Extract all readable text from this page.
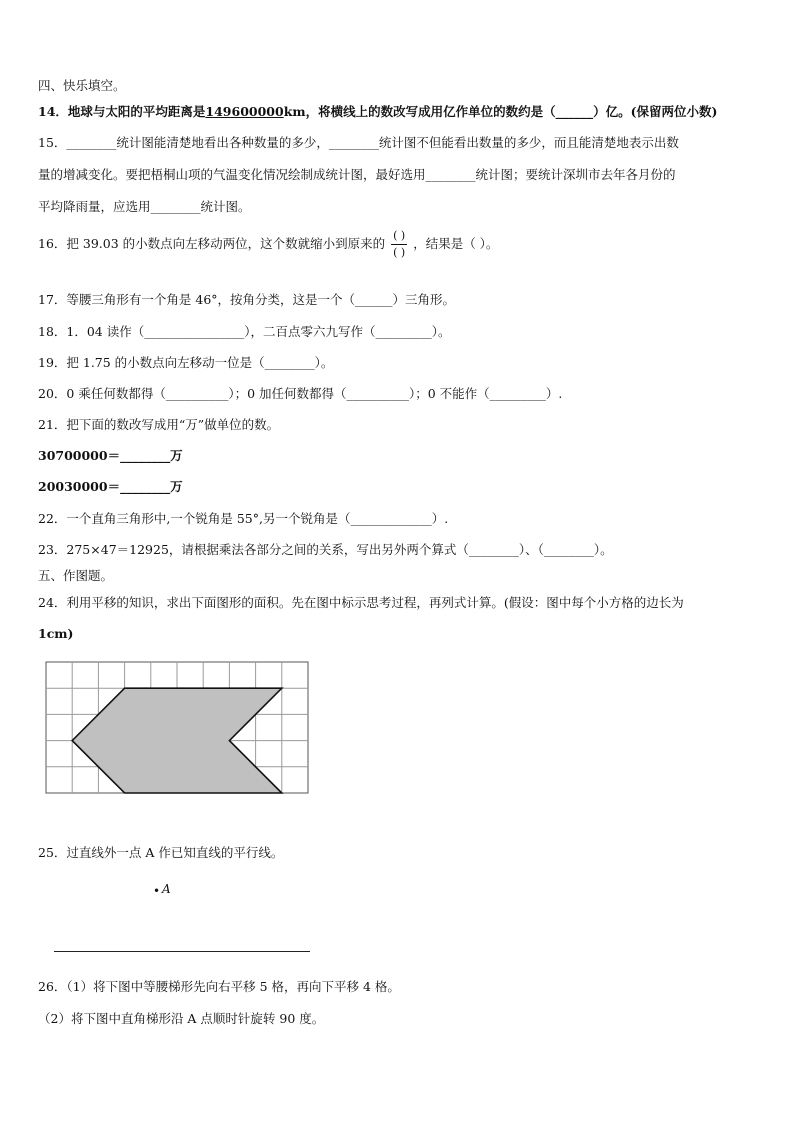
四、快乐填空。
14．地球与太阳的平均距离是149600000km，将横线上的数改写成用亿作单位的数约是（______）亿。(保留两位小数)
15．________统计图能清楚地看出各种数量的多少，________统计图不但能看出数量的多少，而且能清楚地表示出数
量的增减变化。要把梧桐山项的气温变化情况绘制成统计图，最好选用________统计图；要统计深圳市去年各月份的
平均降雨量，应选用________统计图。
16．把 39.03 的小数点向左移动两位，这个数就缩小到原来的 $\frac{( )}{( )}$ ，结果是（ ）。
17．等腰三角形有一个角是 46°，按角分类，这是一个（______）三角形。
18．1．04 读作（________________），二百点零六九写作（_________）。
19．把 1.75 的小数点向左移动一位是（________）。
20．0 乘任何数都得（__________）；0 加任何数都得（__________）；0 不能作（_________）.
21．把下面的数改写成用“万”做单位的数。
30700000＝________万
20030000＝________万
22．一个直角三角形中,一个锐角是 55°,另一个锐角是（_____________）.
23．275×47＝12925，请根据乘法各部分之间的关系，写出另外两个算式（________）、（________）。
五、作图题。
24．利用平移的知识，求出下面图形的面积。先在图中标示思考过程，再列式计算。(假设：图中每个小方格的边长为
1cm)
25．过直线外一点 A 作已知直线的平行线。
• A
26．（1）将下图中等腰梯形先向右平移 5 格，再向下平移 4 格。
（2）将下图中直角梯形沿 A 点顺时针旋转 90 度。
